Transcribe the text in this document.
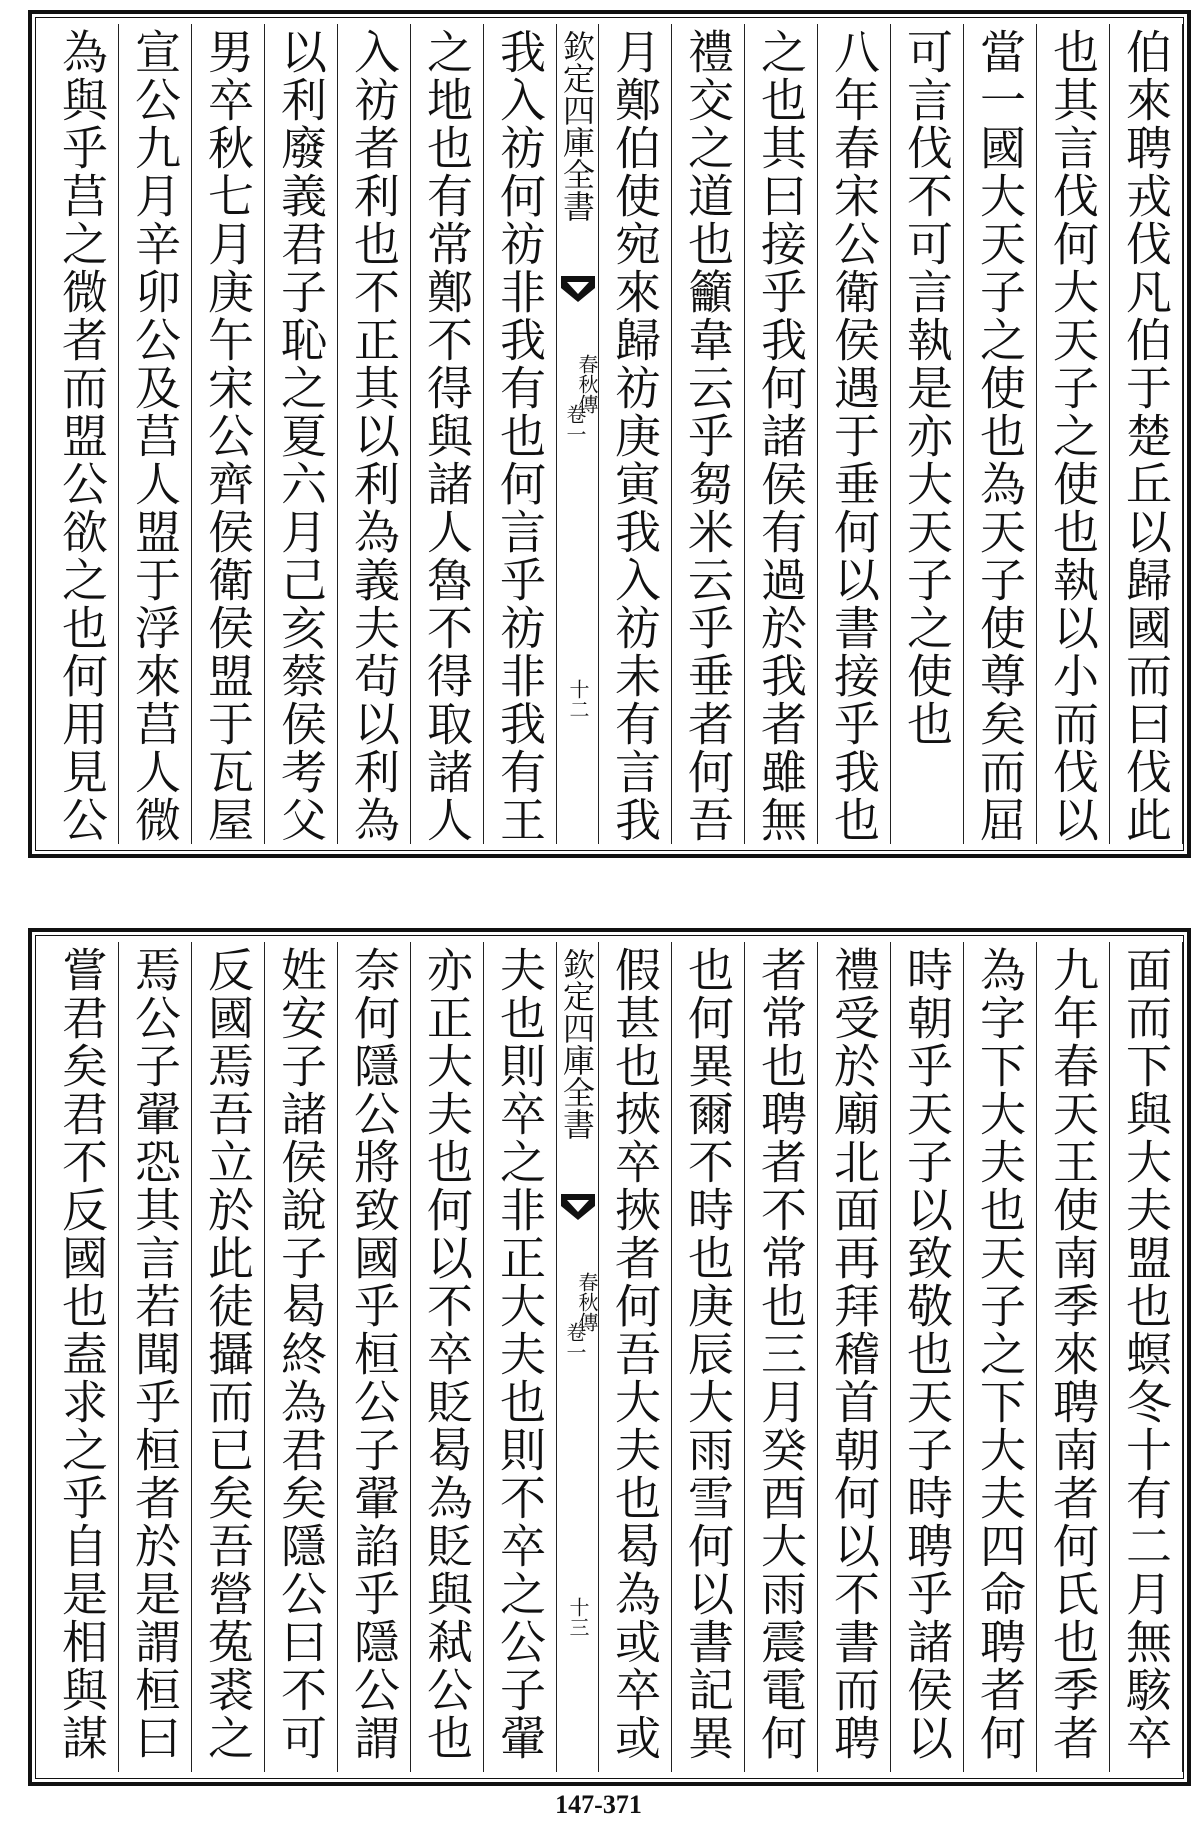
伯來聘戎伐凡伯于楚丘以歸國而曰伐此
也其言伐何大天子之使也執以小而伐以
當一國大天子之使也為天子使尊矣而屈
可言伐不可言執是亦大天子之使也
八年春宋公衛侯遇于垂何以書接乎我也
之也其曰接乎我何諸侯有過於我者雖無
禮交之道也籲韋云乎芻米云乎垂者何吾
月鄭伯使宛來歸祊庚寅我入祊未有言我
欽定四庫全書
春秋傳
卷一
十二
我入祊何祊非我有也何言乎祊非我有王
之地也有常鄭不得與諸人魯不得取諸人
入祊者利也不正其以利為義夫茍以利為
以利廢義君子恥之夏六月己亥蔡侯考父
男卒秋七月庚午宋公齊侯衛侯盟于瓦屋
宣公九月辛卯公及莒人盟于浮來莒人微
為與乎莒之微者而盟公欲之也何用見公
面而下與大夫盟也螟冬十有二月無駭卒
九年春天王使南季來聘南者何氏也季者
為字下大夫也天子之下大夫四命聘者何
時朝乎天子以致敬也天子時聘乎諸侯以
禮受於廟北面再拜稽首朝何以不書而聘
者常也聘者不常也三月癸酉大雨震電何
也何異爾不時也庚辰大雨雪何以書記異
假甚也挾卒挾者何吾大夫也曷為或卒或
欽定四庫全書
春秋傳
卷一
十三
夫也則卒之非正大夫也則不卒之公子翬
亦正大夫也何以不卒貶曷為貶與弒公也
奈何隱公將致國乎桓公子翬諂乎隱公謂
姓安子諸侯說子曷終為君矣隱公曰不可
反國焉吾立於此徒攝而已矣吾營菟裘之
焉公子翬恐其言若聞乎桓者於是謂桓曰
嘗君矣君不反國也盍求之乎自是相與謀
147-371
